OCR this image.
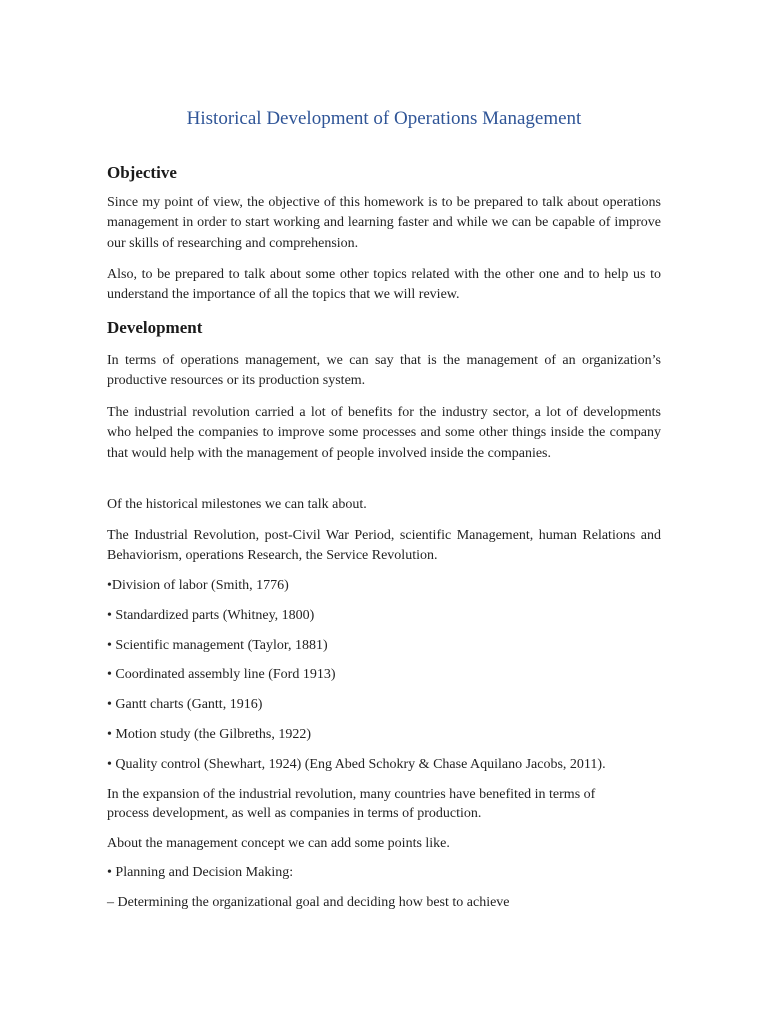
Historical Development of Operations Management
Objective

Since my point of view, the objective of this homework is to be prepared to talk about operations management in order to start working and learning faster and while we can be capable of improve our skills of researching and comprehension.

Also, to be prepared to talk about some other topics related with the other one and to help us to understand the importance of all the topics that we will review.

Development

In terms of operations management, we can say that is the management of an organization’s productive resources or its production system.

The industrial revolution carried a lot of benefits for the industry sector, a lot of developments who helped the companies to improve some processes and some other things inside the company that would help with the management of people involved inside the companies.

Of the historical milestones we can talk about.

The Industrial Revolution, post-Civil War Period, scientific Management, human Relations and Behaviorism, operations Research, the Service Revolution.

•Division of labor (Smith, 1776)

• Standardized parts (Whitney, 1800)

• Scientific management (Taylor, 1881)

• Coordinated assembly line (Ford 1913)

• Gantt charts (Gantt, 1916)

• Motion study (the Gilbreths, 1922)

• Quality control (Shewhart, 1924) (Eng Abed Schokry & Chase Aquilano Jacobs, 2011).

In the expansion of the industrial revolution, many countries have benefited in terms of

process development, as well as companies in terms of production.

About the management concept we can add some points like.

• Planning and Decision Making:

– Determining the organizational goal and deciding how best to achieve
